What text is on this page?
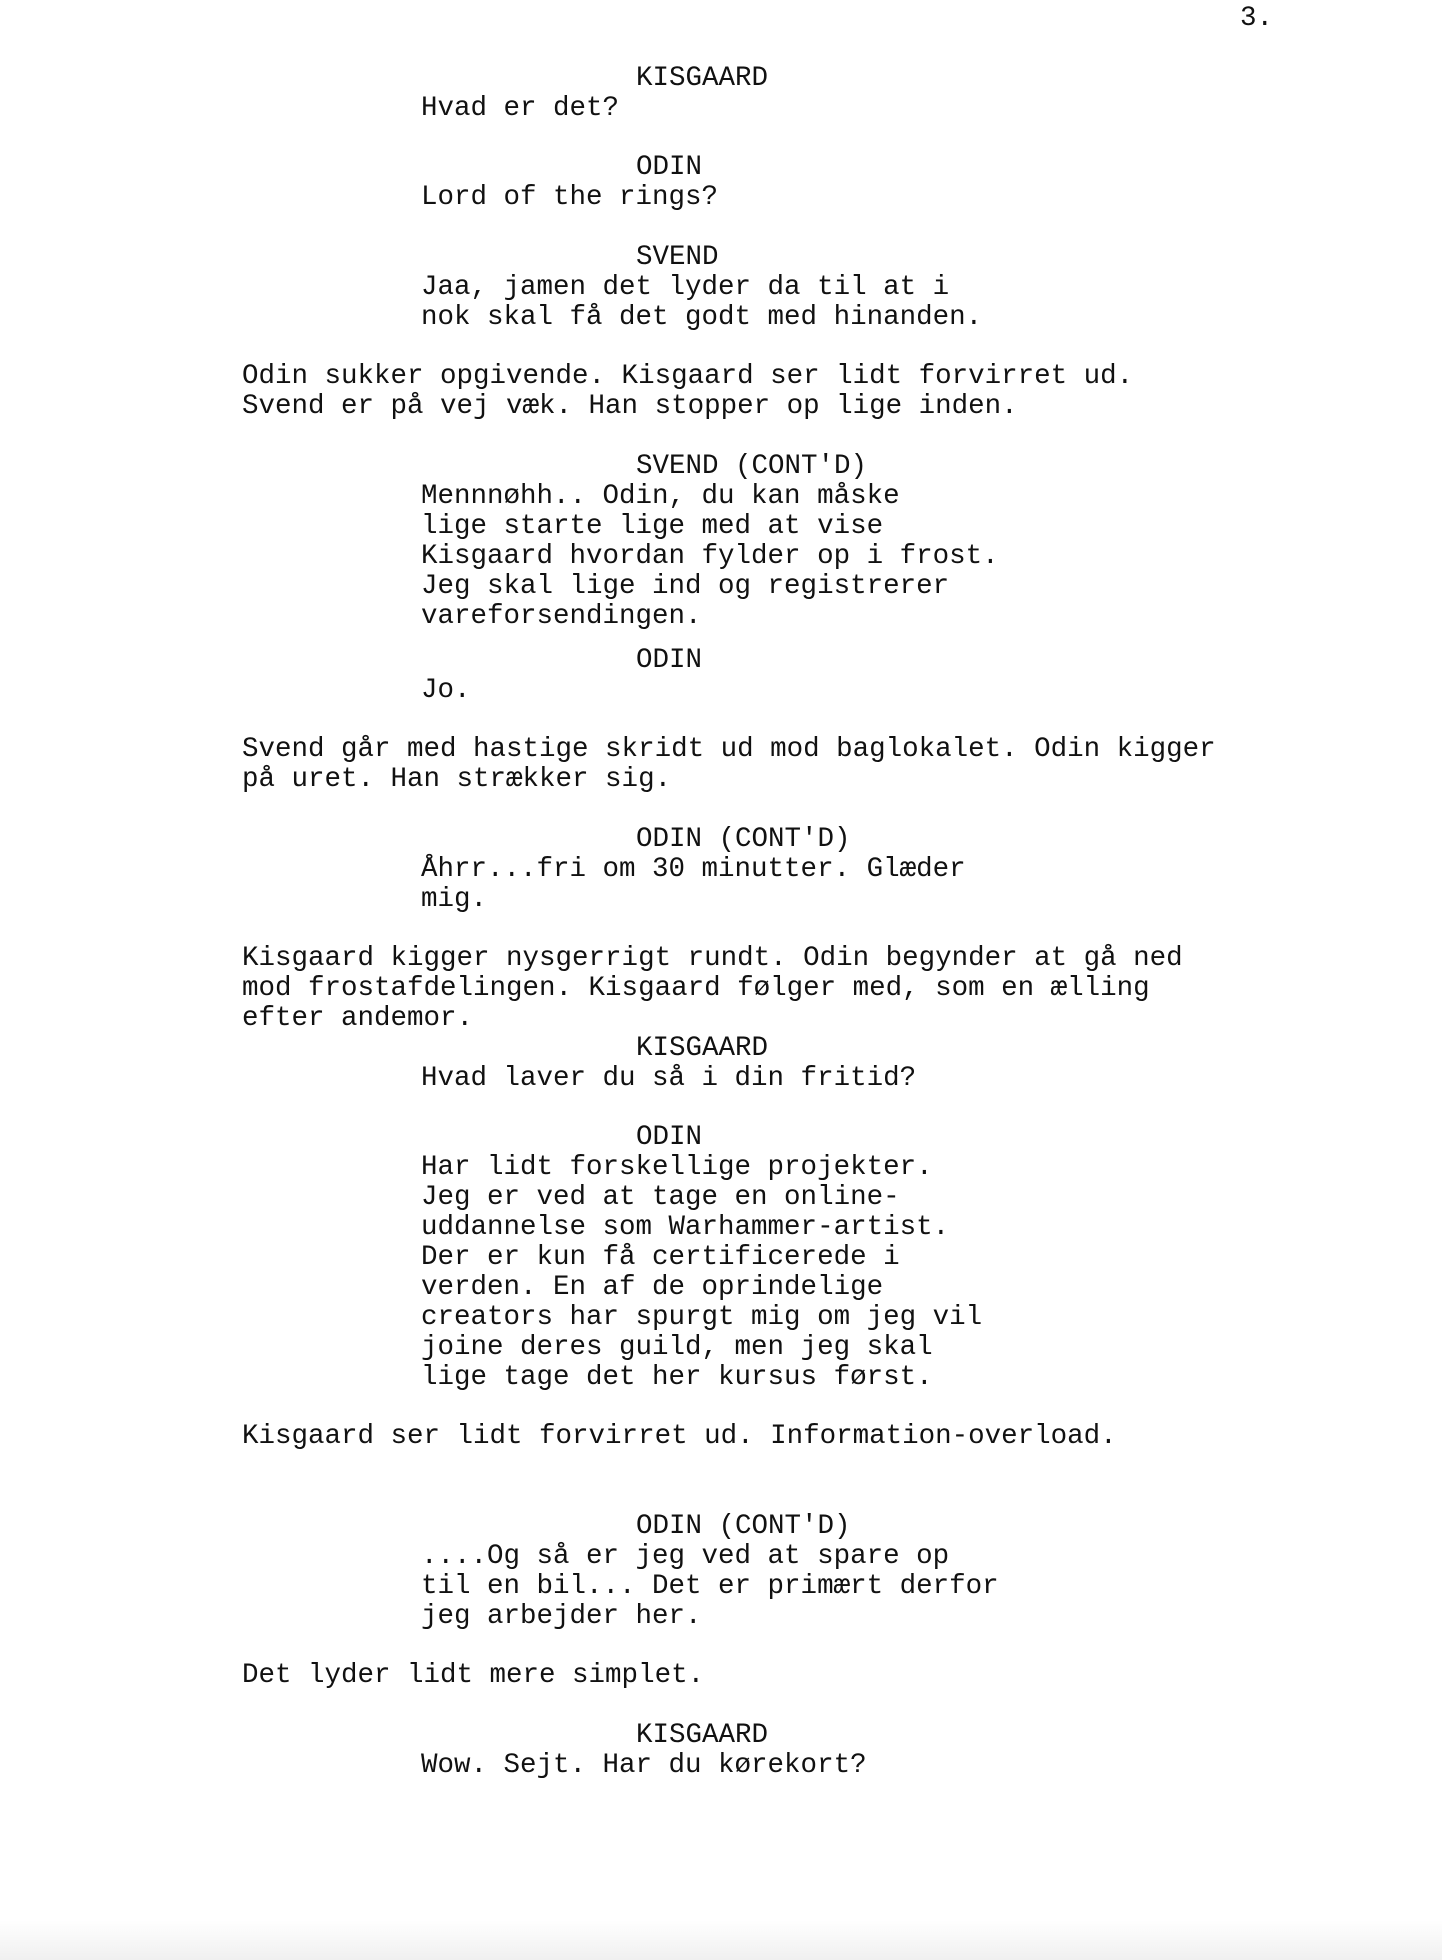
3.
KISGAARD
Hvad er det?
ODIN
Lord of the rings?
SVEND
Jaa, jamen det lyder da til at i
nok skal få det godt med hinanden.
Odin sukker opgivende. Kisgaard ser lidt forvirret ud.
Svend er på vej væk. Han stopper op lige inden.
SVEND (CONT'D)
Mennnøhh.. Odin, du kan måske
lige starte lige med at vise
Kisgaard hvordan fylder op i frost.
Jeg skal lige ind og registrerer
vareforsendingen.
ODIN
Jo.
Svend går med hastige skridt ud mod baglokalet. Odin kigger
på uret. Han strækker sig.
ODIN (CONT'D)
Åhrr...fri om 30 minutter. Glæder
mig.
Kisgaard kigger nysgerrigt rundt. Odin begynder at gå ned
mod frostafdelingen. Kisgaard følger med, som en ælling
efter andemor.
KISGAARD
Hvad laver du så i din fritid?
ODIN
Har lidt forskellige projekter.
Jeg er ved at tage en online-
uddannelse som Warhammer-artist.
Der er kun få certificerede i
verden. En af de oprindelige
creators har spurgt mig om jeg vil
joine deres guild, men jeg skal
lige tage det her kursus først.
Kisgaard ser lidt forvirret ud. Information-overload.
ODIN (CONT'D)
....Og så er jeg ved at spare op
til en bil... Det er primært derfor
jeg arbejder her.
Det lyder lidt mere simplet.
KISGAARD
Wow. Sejt. Har du kørekort?
